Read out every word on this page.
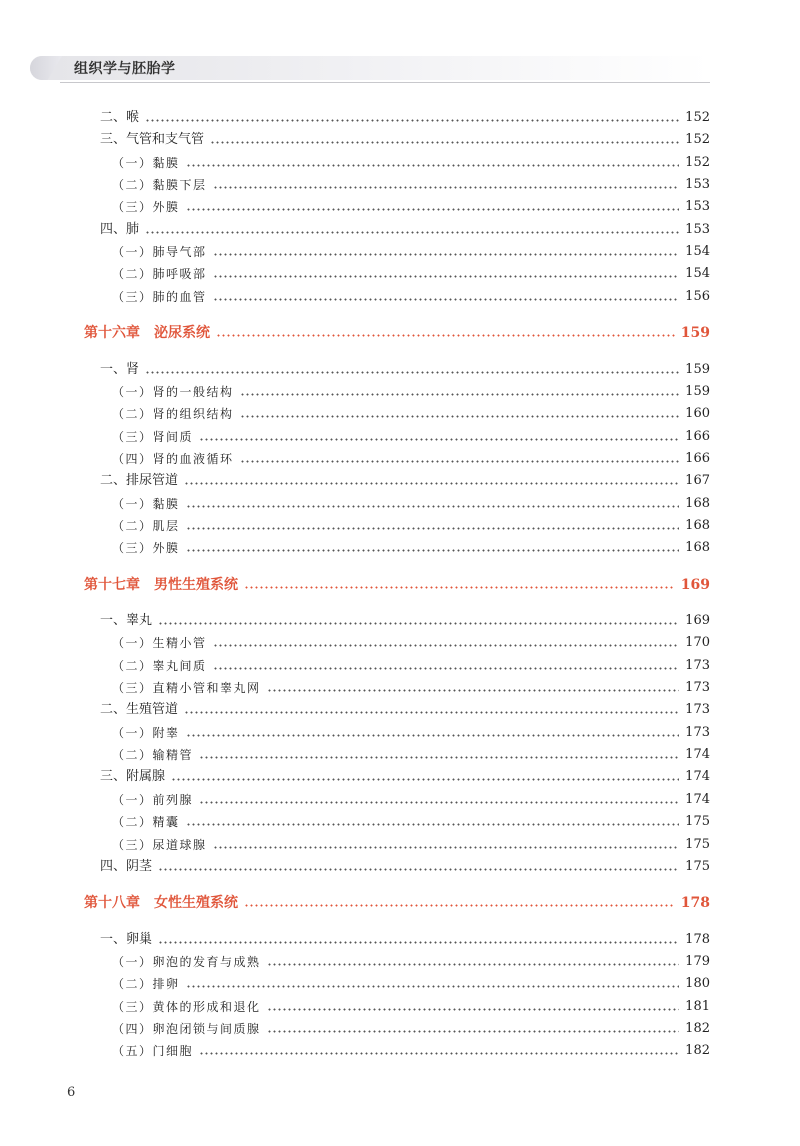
组织学与胚胎学
二、喉	152
三、气管和支气管	152
（一）黏膜	152
（二）黏膜下层	153
（三）外膜	153
四、肺	153
（一）肺导气部	154
（二）肺呼吸部	154
（三）肺的血管	156
第十六章　泌尿系统	159
一、肾	159
（一）肾的一般结构	159
（二）肾的组织结构	160
（三）肾间质	166
（四）肾的血液循环	166
二、排尿管道	167
（一）黏膜	168
（二）肌层	168
（三）外膜	168
第十七章　男性生殖系统	169
一、睾丸	169
（一）生精小管	170
（二）睾丸间质	173
（三）直精小管和睾丸网	173
二、生殖管道	173
（一）附睾	173
（二）输精管	174
三、附属腺	174
（一）前列腺	174
（二）精囊	175
（三）尿道球腺	175
四、阴茎	175
第十八章　女性生殖系统	178
一、卵巢	178
（一）卵泡的发育与成熟	179
（二）排卵	180
（三）黄体的形成和退化	181
（四）卵泡闭锁与间质腺	182
（五）门细胞	182
6
